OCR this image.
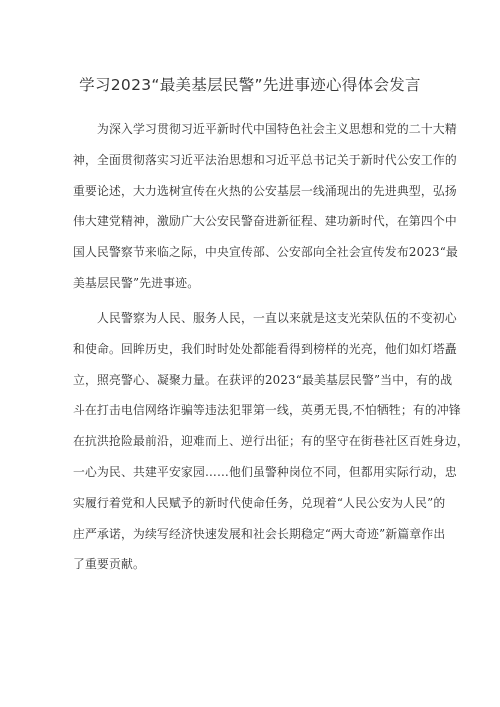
学习2023“最美基层民警”先进事迹心得体会发言
为深入学习贯彻习近平新时代中国特色社会主义思想和党的二十大精
神，全面贯彻落实习近平法治思想和习近平总书记关于新时代公安工作的
重要论述，大力选树宣传在火热的公安基层一线涌现出的先进典型，弘扬
伟大建党精神，激励广大公安民警奋进新征程、建功新时代，在第四个中
国人民警察节来临之际，中央宣传部、公安部向全社会宣传发布2023“最
美基层民警”先进事迹。
人民警察为人民、服务人民，一直以来就是这支光荣队伍的不变初心
和使命。回眸历史，我们时时处处都能看得到榜样的光亮，他们如灯塔矗
立，照亮警心、凝聚力量。在获评的2023“最美基层民警”当中，有的战
斗在打击电信网络诈骗等违法犯罪第一线，英勇无畏,不怕牺牲；有的冲锋
在抗洪抢险最前沿，迎难而上、逆行出征；有的坚守在街巷社区百姓身边，
一心为民、共建平安家园……他们虽警种岗位不同，但都用实际行动，忠
实履行着党和人民赋予的新时代使命任务，兑现着“人民公安为人民”的
庄严承诺，为续写经济快速发展和社会长期稳定“两大奇迹”新篇章作出
了重要贡献。
